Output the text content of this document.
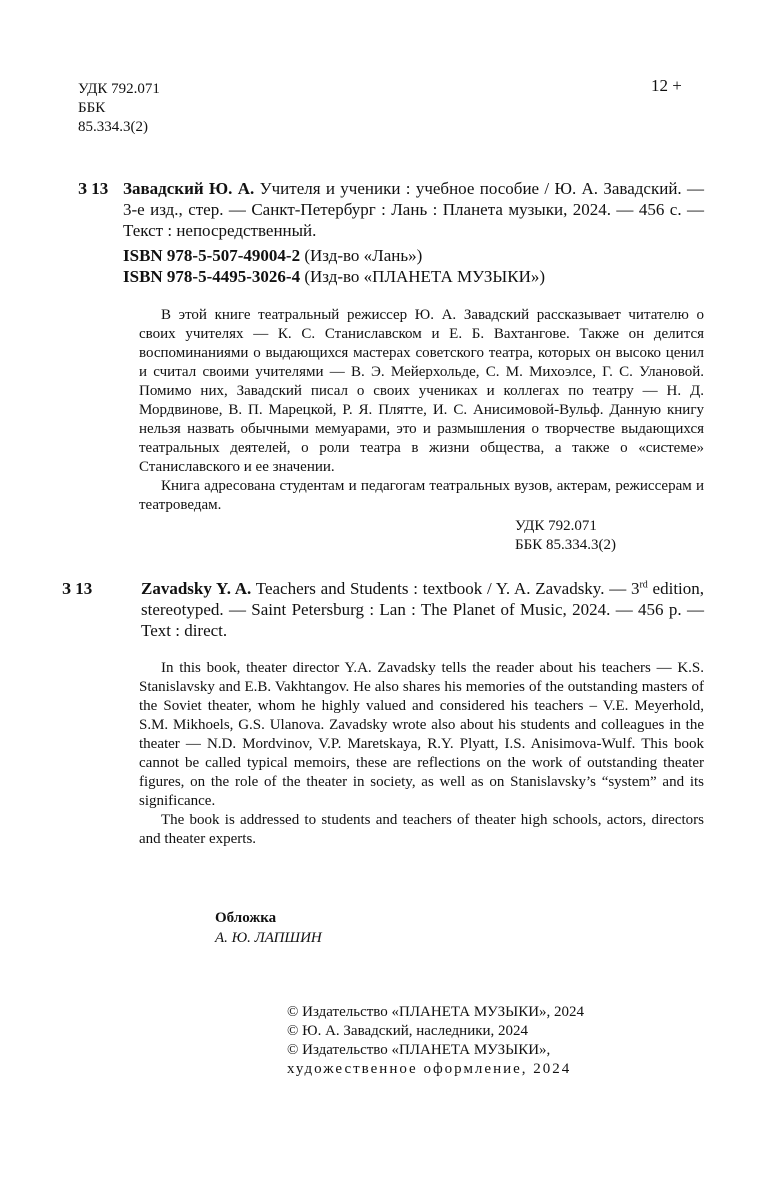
УДК 792.071
ББК
85.334.3(2)
12 +
З 13 Завадский Ю. А. Учителя и ученики : учебное пособие / Ю. А. Завадский. — 3-е изд., стер. — Санкт-Петербург : Лань : Планета музыки, 2024. — 456 с. — Текст : непосредственный.
ISBN 978-5-507-49004-2 (Изд-во «Лань»)
ISBN 978-5-4495-3026-4 (Изд-во «ПЛАНЕТА МУЗЫКИ»)

В этой книге театральный режиссер Ю. А. Завадский рассказывает читателю о своих учителях — К. С. Станиславском и Е. Б. Вахтангове. Также он делится воспоминаниями о выдающихся мастерах советского театра, которых он высоко ценил и считал своими учителями — В. Э. Мейерхольде, С. М. Михоэлсе, Г. С. Улановой. Помимо них, Завадский писал о своих учениках и коллегах по театру — Н. Д. Мордвинове, В. П. Марецкой, Р. Я. Плятте, И. С. Анисимовой-Вульф. Данную книгу нельзя назвать обычными мемуарами, это и размышления о творчестве выдающихся театральных деятелей, о роли театра в жизни общества, а также о «системе» Станиславского и ее значении.

Книга адресована студентам и педагогам театральных вузов, актерам, режиссерам и театроведам.

УДК 792.071
ББК 85.334.3(2)
З 13	Zavadsky Y. A. Teachers and Students : textbook / Y. A. Zavadsky. — 3rd edition, stereotyped. — Saint Petersburg : Lan : The Planet of Music, 2024. — 456 p. — Text : direct.

In this book, theater director Y.A. Zavadsky tells the reader about his teachers — K.S. Stanislavsky and E.B. Vakhtangov. He also shares his memories of the outstanding masters of the Soviet theater, whom he highly valued and considered his teachers – V.E. Meyerhold, S.M. Mikhoels, G.S. Ulanova. Zavadsky wrote also about his students and colleagues in the theater — N.D. Mordvinov, V.P. Maretskaya, R.Y. Plyatt, I.S. Anisimova-Wulf. This book cannot be called typical memoirs, these are reflections on the work of outstanding theater figures, on the role of the theater in society, as well as on Stanislavsky’s “system” and its significance.

The book is addressed to students and teachers of theater high schools, actors, directors and theater experts.

Обложка
А. Ю. ЛАПШИН
© Издательство «ПЛАНЕТА МУЗЫКИ», 2024
© Ю. А. Завадский, наследники, 2024
© Издательство «ПЛАНЕТА МУЗЫКИ»,
художественное оформление, 2024
